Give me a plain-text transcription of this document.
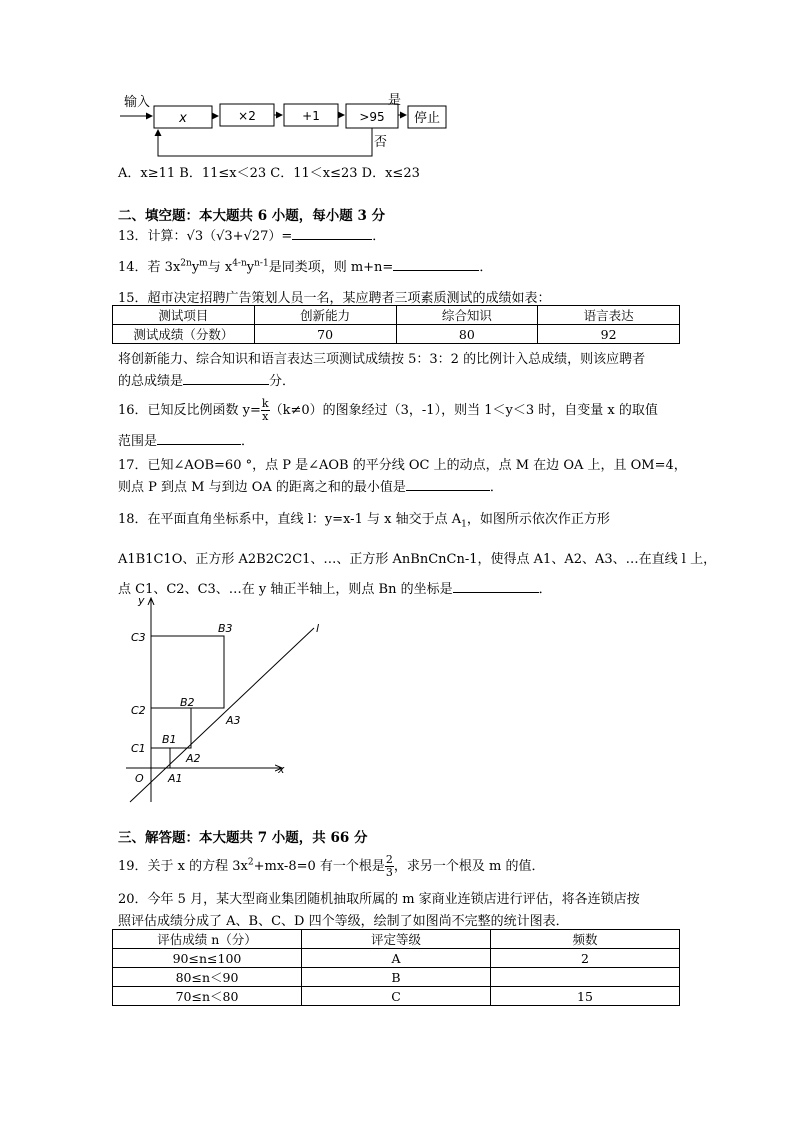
输入
x	×2	+1	>95
是
停止
否
A．x≥11 B．11≤x＜23 C．11＜x≤23 D．x≤23
二、填空题：本大题共 6 小题，每小题 3 分
13．计算：√3（√3+√27）=	．
14．若 $3x^{2n}y^m$与 $x^{4-n}y^{n-1}$是同类项，则 m+n=	．
15．超市决定招聘广告策划人员一名，某应聘者三项素质测试的成绩如表：
测试项目	创新能力	综合知识	语言表达
测试成绩（分数）	70	80	92
将创新能力、综合知识和语言表达三项测试成绩按 5：3：2 的比例计入总成绩，则该应聘者
的总成绩是	分．
16．已知反比例函数 $y= \frac{k}{x} (k\ne 0)$的图象经过（3，-1），则当 1＜y＜3 时，自变量 x 的取值
范围是	．
17．已知∠AOB=60 °，点 P 是∠AOB 的平分线 OC 上的动点，点 M 在边 OA 上，且 OM=4，
则点 P 到点 M 与到边 OA 的距离之和的最小值是	．
18．在平面直角坐标系中，直线 l：y=x-1 与 x 轴交于点 $A_1$，如图所示依次作正方形
A1B1C1O、正方形 A2B2C2C1、…、正方形 AnBnCnCn-1，使得点 A1、A2、A3、…在直线 l 上，
点 C1、C2、C3、…在 y 轴正半轴上，则点 Bn 的坐标是	．
y
x
l
O
C1
C2
C3
B1
B2
B3
A1
A2
A3
三、解答题：本大题共 7 小题，共 66 分
19．关于 x 的方程 $3x^2+mx-8=0$ 有一个根是 $\frac{2}{3}$ ，求另一个根及 m 的值．
20．今年 5 月，某大型商业集团随机抽取所属的 m 家商业连锁店进行评估，将各连锁店按
照评估成绩分成了 A、B、C、D 四个等级，绘制了如图尚不完整的统计图表．
评估成绩 n（分）	评定等级	频数
90≤n≤100	A	2
80≤n＜90	B	
70≤n＜80	C	15
